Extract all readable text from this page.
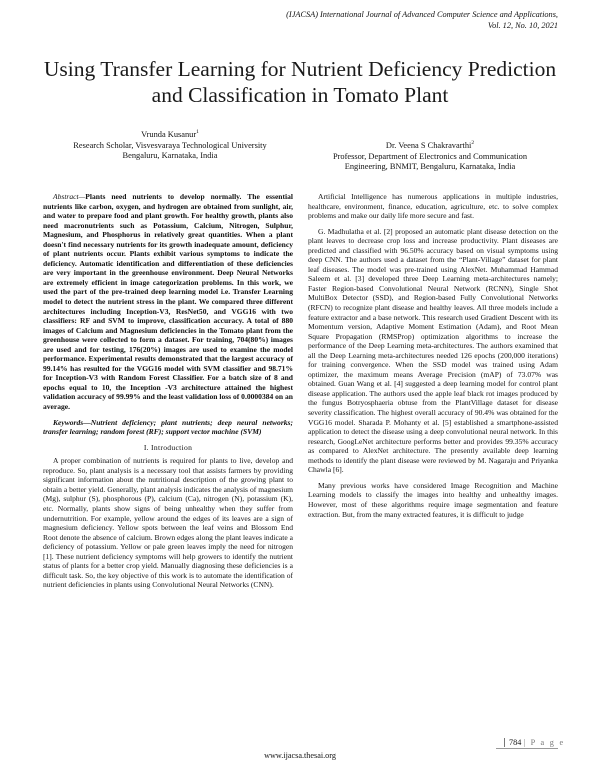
(IJACSA) International Journal of Advanced Computer Science and Applications,
Vol. 12, No. 10, 2021
Using Transfer Learning for Nutrient Deficiency Prediction and Classification in Tomato Plant
Vrunda Kusanur$^1$
Research Scholar, Visvesvaraya Technological University
Bengaluru, Karnataka, India
Dr. Veena S Chakravarthi$^2$
Professor, Department of Electronics and Communication
Engineering, BNMIT, Bengaluru, Karnataka, India

Abstract—Plants need nutrients to develop normally. The essential nutrients like carbon, oxygen, and hydrogen are obtained from sunlight, air, and water to prepare food and plant growth. For healthy growth, plants also need macronutrients such as Potassium, Calcium, Nitrogen, Sulphur, Magnesium, and Phosphorus in relatively great quantities. When a plant doesn't find necessary nutrients for its growth inadequate amount, deficiency of plant nutrients occur. Plants exhibit various symptoms to indicate the deficiency. Automatic identification and differentiation of these deficiencies are very important in the greenhouse environment. Deep Neural Networks are extremely efficient in image categorization problems. In this work, we used the part of the pre-trained deep learning model i.e. Transfer Learning model to detect the nutrient stress in the plant. We compared three different architectures including Inception-V3, ResNet50, and VGG16 with two classifiers: RF and SVM to improve, classification accuracy. A total of 880 images of Calcium and Magnesium deficiencies in the Tomato plant from the greenhouse were collected to form a dataset. For training, 704(80%) images are used and for testing, 176(20%) images are used to examine the model performance. Experimental results demonstrated that the largest accuracy of 99.14% has resulted for the VGG16 model with SVM classifier and 98.71% for Inception-V3 with Random Forest Classifier. For a batch size of 8 and epochs equal to 10, the Inception -V3 architecture attained the highest validation accuracy of 99.99% and the least validation loss of 0.0000384 on an average.

Keywords—Nutrient deficiency; plant nutrients; deep neural networks; transfer learning; random forest (RF); support vector machine (SVM)

I. Introduction

A proper combination of nutrients is required for plants to live, develop and reproduce. So, plant analysis is a necessary tool that assists farmers by providing significant information about the nutritional description of the growing plant to obtain a better yield. Generally, plant analysis indicates the analysis of magnesium (Mg), sulphur (S), phosphorous (P), calcium (Ca), nitrogen (N), potassium (K), etc. Normally, plants show signs of being unhealthy when they suffer from undernutrition. For example, yellow around the edges of its leaves are a sign of magnesium deficiency. Yellow spots between the leaf veins and Blossom End Root denote the absence of calcium. Brown edges along the plant leaves indicate a deficiency of potassium. Yellow or pale green leaves imply the need for nitrogen [1]. These nutrient deficiency symptoms will help growers to identify the nutrient status of plants for a better crop yield. Manually diagnosing these deficiencies is a difficult task. So, the key objective of this work is to automate the identification of nutrient deficiencies in plants using Convolutional Neural Networks (CNN).

Artificial Intelligence has numerous applications in multiple industries, healthcare, environment, finance, education, agriculture, etc. to solve complex problems and make our daily life more secure and fast.

G. Madhulatha et al. [2] proposed an automatic plant disease detection on the plant leaves to decrease crop loss and increase productivity. Plant diseases are predicted and classified with 96.50% accuracy based on visual symptoms using deep CNN. The authors used a dataset from the “Plant-Village” dataset for plant leaf diseases. The model was pre-trained using AlexNet. Muhammad Hammad Saleem et al. [3] developed three Deep Learning meta-architectures namely; Faster Region-based Convolutional Neural Network (RCNN), Single Shot MultiBox Detector (SSD), and Region-based Fully Convolutional Networks (RFCN) to recognize plant disease and healthy leaves. All three models include a feature extractor and a base network. This research used Gradient Descent with its Momentum version, Adaptive Moment Estimation (Adam), and Root Mean Square Propagation (RMSProp) optimization algorithms to increase the performance of the Deep Learning meta-architectures. The authors examined that all the Deep Learning meta-architectures needed 126 epochs (200,000 iterations) for training convergence. When the SSD model was trained using Adam optimizer, the maximum means Average Precision (mAP) of 73.07% was obtained. Guan Wang et al. [4] suggested a deep learning model for control plant disease application. The authors used the apple leaf black rot images produced by the fungus Botryosphaeria obtuse from the PlantVillage dataset for disease severity classification. The highest overall accuracy of 90.4% was obtained for the VGG16 model. Sharada P. Mohanty et al. [5] established a smartphone-assisted application to detect the disease using a deep convolutional neural network. In this research, GoogLeNet architecture performs better and provides 99.35% accuracy as compared to AlexNet architecture. The presently available deep learning methods to identify the plant disease were reviewed by M. Nagaraju and Priyanka Chawla [6].

Many previous works have considered Image Recognition and Machine Learning models to classify the images into healthy and unhealthy images. However, most of these algorithms require image segmentation and feature extraction. But, from the many extracted features, it is difficult to judge

784 | P a g e
www.ijacsa.thesai.org
